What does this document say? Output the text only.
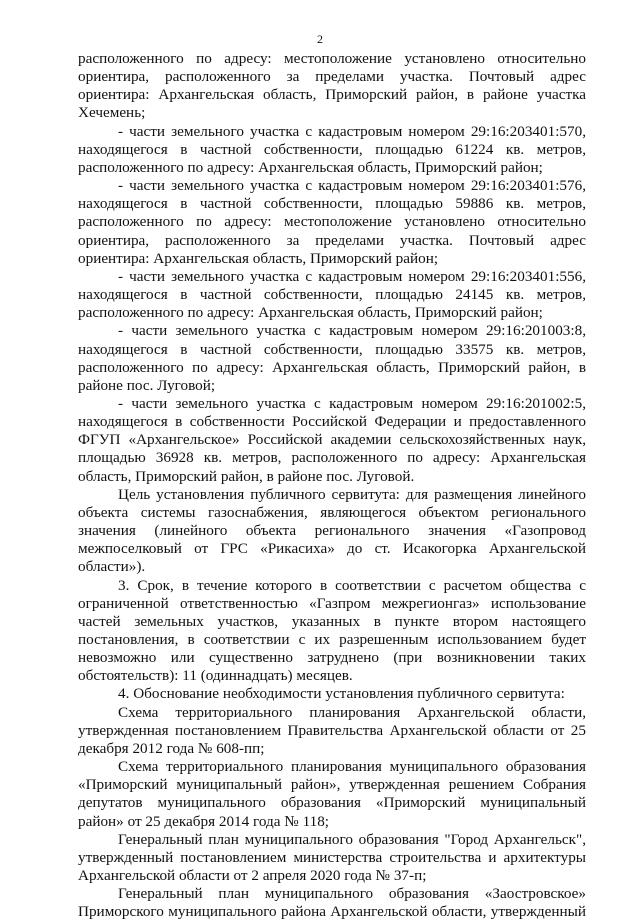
2

расположенного по адресу: местоположение установлено относительно ориентира, расположенного за пределами участка. Почтовый адрес ориентира: Архангельская область, Приморский район, в районе участка Хечемень;

- части земельного участка с кадастровым номером 29:16:203401:570, находящегося в частной собственности, площадью 61224 кв. метров, расположенного по адресу: Архангельская область, Приморский район;

- части земельного участка с кадастровым номером 29:16:203401:576, находящегося в частной собственности, площадью 59886 кв. метров, расположенного по адресу: местоположение установлено относительно ориентира, расположенного за пределами участка. Почтовый адрес ориентира: Архангельская область, Приморский район;

- части земельного участка с кадастровым номером 29:16:203401:556, находящегося в частной собственности, площадью 24145 кв. метров, расположенного по адресу: Архангельская область, Приморский район;

- части земельного участка с кадастровым номером 29:16:201003:8, находящегося в частной собственности, площадью 33575 кв. метров, расположенного по адресу: Архангельская область, Приморский район, в районе пос. Луговой;

- части земельного участка с кадастровым номером 29:16:201002:5, находящегося в собственности Российской Федерации и предоставленного ФГУП «Архангельское» Российской академии сельскохозяйственных наук, площадью 36928 кв. метров, расположенного по адресу: Архангельская область, Приморский район, в районе пос. Луговой.

Цель установления публичного сервитута: для размещения линейного объекта системы газоснабжения, являющегося объектом регионального значения (линейного объекта регионального значения «Газопровод межпоселковый от ГРС «Рикасиха» до ст. Исакогорка Архангельской области»).

3. Срок, в течение которого в соответствии с расчетом общества с ограниченной ответственностью «Газпром межрегионгаз» использование частей земельных участков, указанных в пункте втором настоящего постановления, в соответствии с их разрешенным использованием будет невозможно или существенно затруднено (при возникновении таких обстоятельств): 11 (одиннадцать) месяцев.

4. Обоснование необходимости установления публичного сервитута:

Схема территориального планирования Архангельской области, утвержденная постановлением Правительства Архангельской области от 25 декабря 2012 года № 608-пп;

Схема территориального планирования муниципального образования «Приморский муниципальный район», утвержденная решением Собрания депутатов муниципального образования «Приморский муниципальный район» от 25 декабря 2014 года № 118;

Генеральный план муниципального образования "Город Архангельск", утвержденный постановлением министерства строительства и архитектуры Архангельской области от 2 апреля 2020 года № 37-п;

Генеральный план муниципального образования «Заостровское» Приморского муниципального района Архангельской области, утвержденный
